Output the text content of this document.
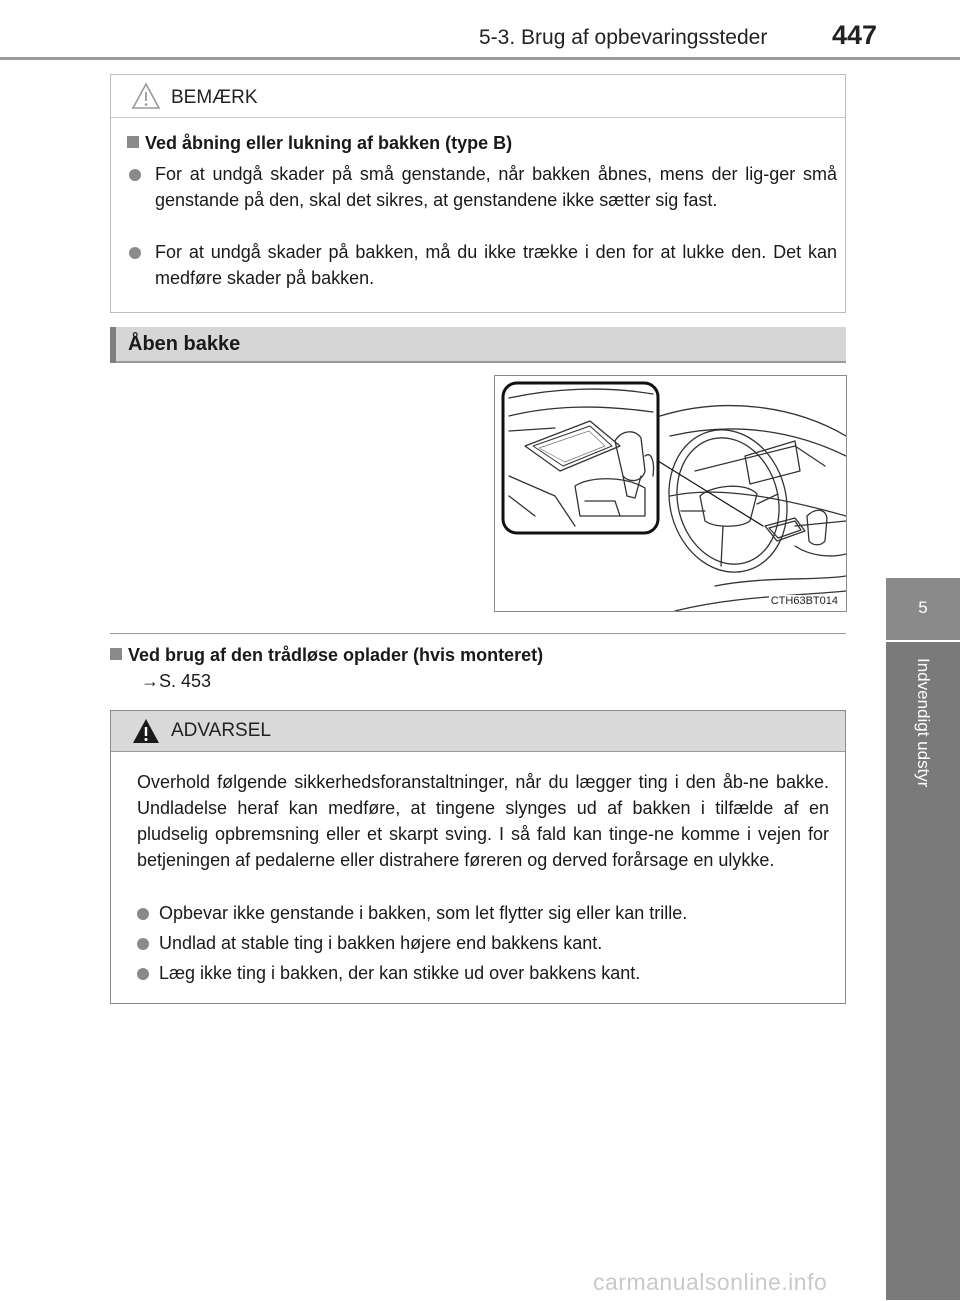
5-3. Brug af opbevaringssteder 447
5
Indvendigt udstyr
BEMÆRK
Ved åbning eller lukning af bakken (type B)
For at undgå skader på små genstande, når bakken åbnes, mens der lig-ger små genstande på den, skal det sikres, at genstandene ikke sætter sig fast.
For at undgå skader på bakken, må du ikke trække i den for at lukke den. Det kan medføre skader på bakken.
Åben bakke
CTH63BT014
Ved brug af den trådløse oplader (hvis monteret)
→S. 453
ADVARSEL
Overhold følgende sikkerhedsforanstaltninger, når du lægger ting i den åb-ne bakke. Undladelse heraf kan medføre, at tingene slynges ud af bakken i tilfælde af en pludselig opbremsning eller et skarpt sving. I så fald kan tinge-ne komme i vejen for betjeningen af pedalerne eller distrahere føreren og derved forårsage en ulykke.
Opbevar ikke genstande i bakken, som let flytter sig eller kan trille.
Undlad at stable ting i bakken højere end bakkens kant.
Læg ikke ting i bakken, der kan stikke ud over bakkens kant.
carmanualsonline.info
